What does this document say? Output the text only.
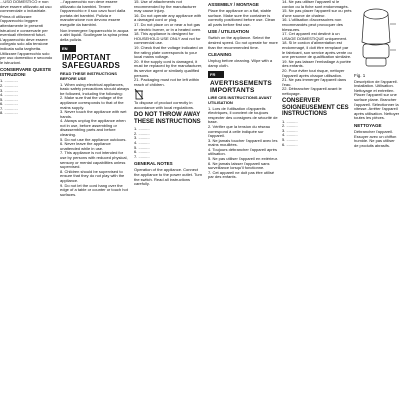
...USO DOMESTICO e non deve essere utilizzato ad uso commerciale o industriale.

Prima di utilizzare l'apparecchio leggere attentamente le presenti istruzioni e conservarle per eventuali riferimenti futuri. L'apparecchio deve essere collegato solo alla tensione indicata sulla targhetta. Utilizzare l'apparecchio solo per uso domestico e secondo le istruzioni.

CONSERVARE QUESTE ISTRUZIONI

1. ............
2. ............
3. ............
4. ............
5. ............
6. ............
7. ............
8. ............

...l'apparecchio non deve essere utilizzato da bambini. Tenere l'apparecchio e il suo cavo fuori dalla portata dei bambini. Pulizia e manutenzione non devono essere eseguite da bambini.

Non immergere l'apparecchio in acqua o altri liquidi. Scollegare la spina prima della pulizia.

EN
IMPORTANT SAFEGUARDS

READ THESE INSTRUCTIONS BEFORE USE

1. When using electrical appliances, basic safety precautions should always be followed, including the following:
2. Make sure that the voltage of the appliance corresponds to that of the mains supply.
3. Never touch the appliance with wet hands.
4. Always unplug the appliance when not in use, before assembling or disassembling parts and before cleaning.
5. Do not use the appliance outdoors.
6. Never leave the appliance unattended while in use.
7. This appliance is not intended for use by persons with reduced physical, sensory or mental capabilities unless supervised.
8. Children should be supervised to ensure that they do not play with the appliance.
9. Do not let the cord hang over the edge of a table or counter or touch hot surfaces.

15. Use of attachments not recommended by the manufacturer may cause injury.
16. Do not operate any appliance with a damaged cord or plug.
17. Do not place on or near a hot gas or electric burner, or in a heated oven.
18. This appliance is designed for HOUSEHOLD USE ONLY and not for commercial use.
19. Check that the voltage indicated on the rating plate corresponds to your local mains voltage.
20. If the supply cord is damaged, it must be replaced by the manufacturer, its service agent or similarly qualified persons.
21. Packaging must not be left within reach of children.

To dispose of product correctly in accordance with local regulations.

DO NOT THROW AWAY THESE INSTRUCTIONS

1. ..........
2. ..........
3. ..........
4. ..........
5. ..........
6. ..........
7. ..........

GENERAL NOTES

Operation of the appliance. Connect the appliance to the power outlet. Turn the switch. Read all instructions carefully.

ASSEMBLY / MONTAGE

Place the appliance on a flat, stable surface. Make sure the container is correctly positioned before use. Clean all parts before first use.

USE / UTILISATION

Switch on the appliance. Select the desired speed. Do not operate for more than the recommended time.

CLEANING

Unplug before cleaning. Wipe with a damp cloth.

FR
AVERTISSEMENTS IMPORTANTS

LIRE CES INSTRUCTIONS AVANT UTILISATION

1. Lors de l'utilisation d'appareils électriques, il convient de toujours respecter des consignes de sécurité de base.
2. Vérifier que la tension du réseau correspond à celle indiquée sur l'appareil.
3. Ne jamais toucher l'appareil avec les mains mouillées.
4. Toujours débrancher l'appareil après utilisation.
5. Ne pas utiliser l'appareil en extérieur.
6. Ne jamais laisser l'appareil sans surveillance lorsqu'il fonctionne.
7. Cet appareil ne doit pas être utilisé par des enfants.

14. Ne pas utiliser l'appareil si le cordon ou la fiche sont endommagés.
15. Ne pas placer l'appareil sur ou près d'une source de chaleur.
16. L'utilisation d'accessoires non recommandés peut provoquer des blessures.
17. Cet appareil est destiné à un USAGE DOMESTIQUE uniquement.
18. Si le cordon d'alimentation est endommagé, il doit être remplacé par le fabricant, son service après-vente ou une personne de qualification similaire.
19. Ne pas laisser l'emballage à portée des enfants.
20. Pour éviter tout risque, nettoyer l'appareil après chaque utilisation.
21. Ne pas immerger l'appareil dans l'eau.
22. Débrancher l'appareil avant le nettoyage.

CONSERVER SOIGNEUSEMENT CES INSTRUCTIONS

1. ..........
2. ..........
3. ..........
4. ..........
5. ..........
6. ..........

Fig. 1

Description de l'appareil. Installation. Utilisation. Nettoyage et entretien. Placer l'appareil sur une surface plane. Brancher l'appareil. Sélectionner la vitesse. Arrêter l'appareil après utilisation. Nettoyer toutes les pièces.

NETTOYAGE

Débrancher l'appareil. Essuyer avec un chiffon humide. Ne pas utiliser de produits abrasifs.
